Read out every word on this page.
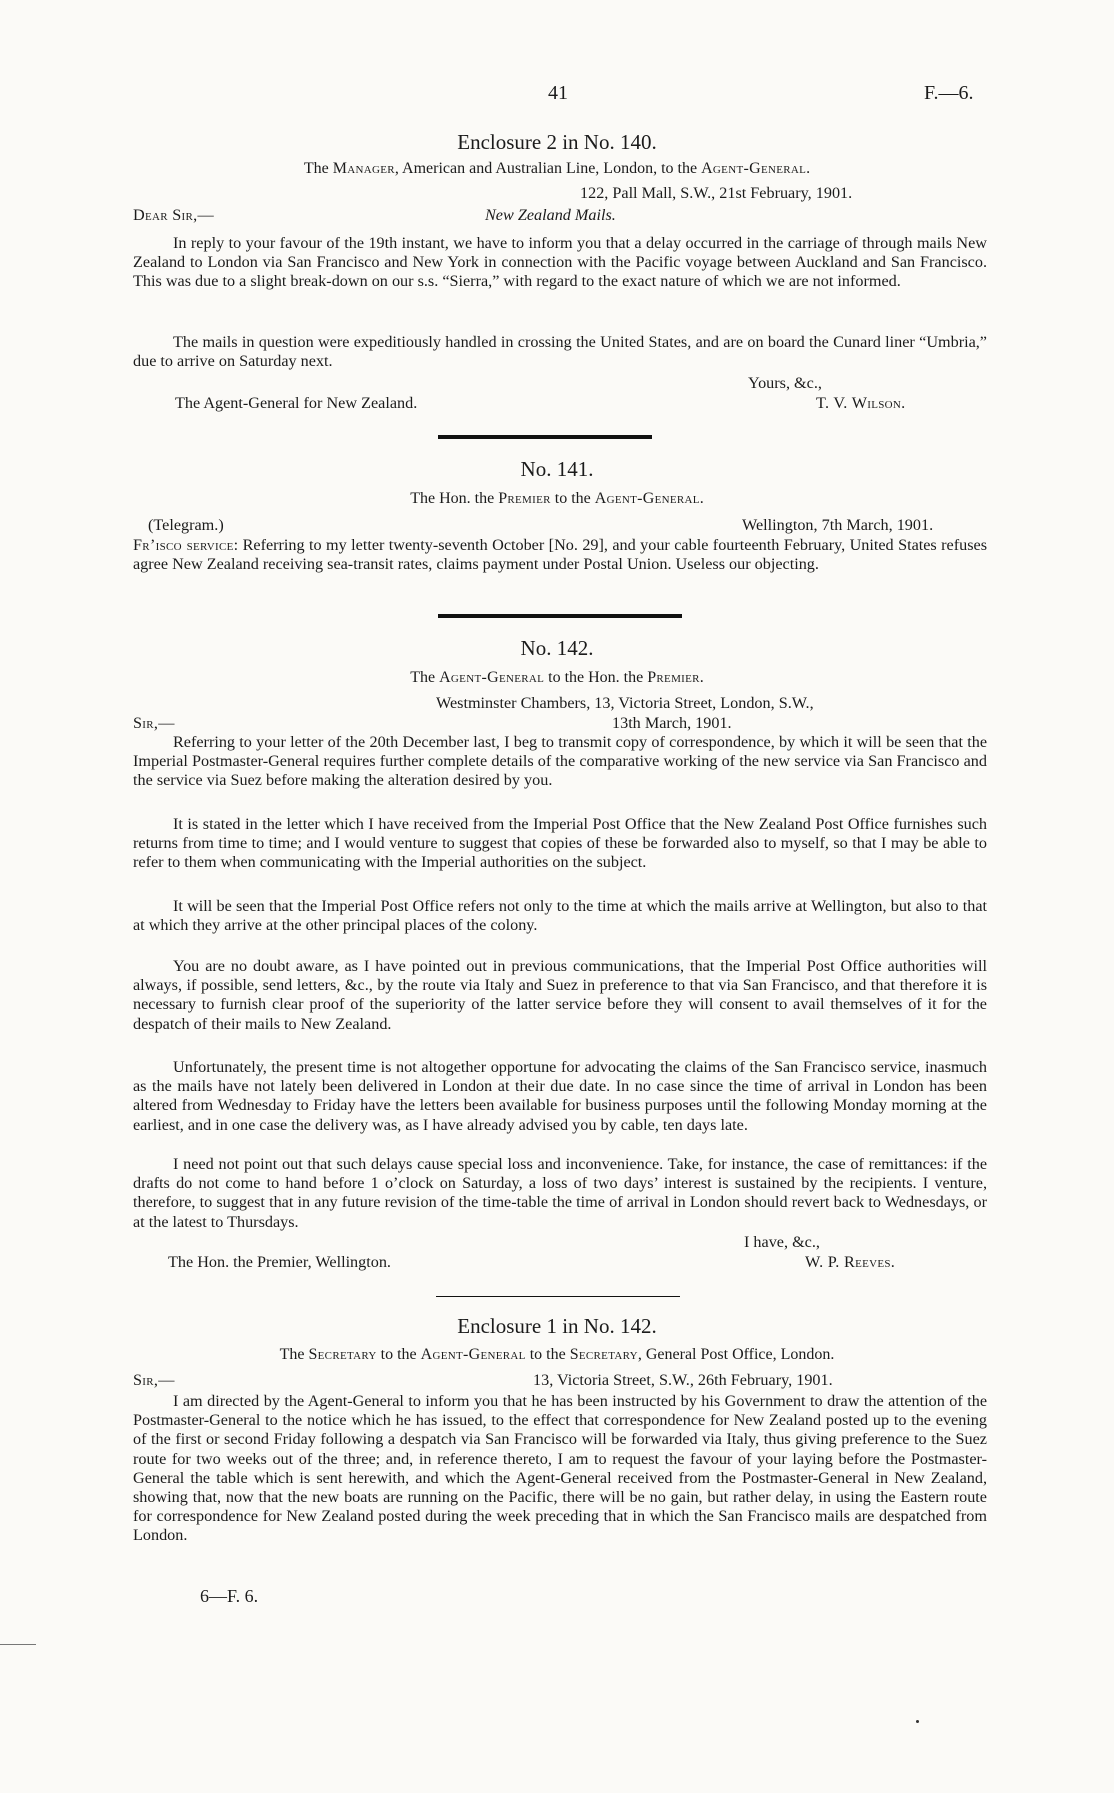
41	F.—6.
Enclosure 2 in No. 140.
The Manager, American and Australian Line, London, to the Agent-General.
122, Pall Mall, S.W., 21st February, 1901.
Dear Sir,—	New Zealand Mails.
In reply to your favour of the 19th instant, we have to inform you that a delay occurred in the carriage of through mails New Zealand to London via San Francisco and New York in connection with the Pacific voyage between Auckland and San Francisco. This was due to a slight break-down on our s.s. “Sierra,” with regard to the exact nature of which we are not informed.
The mails in question were expeditiously handled in crossing the United States, and are on board the Cunard liner “Umbria,” due to arrive on Saturday next.
Yours, &c.,
The Agent-General for New Zealand.	T. V. Wilson.
No. 141.
The Hon. the Premier to the Agent-General.
(Telegram.)	Wellington, 7th March, 1901.
Fr’isco service: Referring to my letter twenty-seventh October [No. 29], and your cable fourteenth February, United States refuses agree New Zealand receiving sea-transit rates, claims payment under Postal Union. Useless our objecting.
No. 142.
The Agent-General to the Hon. the Premier.
Westminster Chambers, 13, Victoria Street, London, S.W.,
Sir,—	13th March, 1901.
Referring to your letter of the 20th December last, I beg to transmit copy of correspondence, by which it will be seen that the Imperial Postmaster-General requires further complete details of the comparative working of the new service via San Francisco and the service via Suez before making the alteration desired by you.
It is stated in the letter which I have received from the Imperial Post Office that the New Zealand Post Office furnishes such returns from time to time; and I would venture to suggest that copies of these be forwarded also to myself, so that I may be able to refer to them when communicating with the Imperial authorities on the subject.
It will be seen that the Imperial Post Office refers not only to the time at which the mails arrive at Wellington, but also to that at which they arrive at the other principal places of the colony.
You are no doubt aware, as I have pointed out in previous communications, that the Imperial Post Office authorities will always, if possible, send letters, &c., by the route via Italy and Suez in preference to that via San Francisco, and that therefore it is necessary to furnish clear proof of the superiority of the latter service before they will consent to avail themselves of it for the despatch of their mails to New Zealand.
Unfortunately, the present time is not altogether opportune for advocating the claims of the San Francisco service, inasmuch as the mails have not lately been delivered in London at their due date. In no case since the time of arrival in London has been altered from Wednesday to Friday have the letters been available for business purposes until the following Monday morning at the earliest, and in one case the delivery was, as I have already advised you by cable, ten days late.
I need not point out that such delays cause special loss and inconvenience. Take, for instance, the case of remittances: if the drafts do not come to hand before 1 o’clock on Saturday, a loss of two days’ interest is sustained by the recipients. I venture, therefore, to suggest that in any future revision of the time-table the time of arrival in London should revert back to Wednesdays, or at the latest to Thursdays.
I have, &c.,
The Hon. the Premier, Wellington.	W. P. Reeves.
Enclosure 1 in No. 142.
The Secretary to the Agent-General to the Secretary, General Post Office, London.
Sir,—	13, Victoria Street, S.W., 26th February, 1901.
I am directed by the Agent-General to inform you that he has been instructed by his Government to draw the attention of the Postmaster-General to the notice which he has issued, to the effect that correspondence for New Zealand posted up to the evening of the first or second Friday following a despatch via San Francisco will be forwarded via Italy, thus giving preference to the Suez route for two weeks out of the three; and, in reference thereto, I am to request the favour of your laying before the Postmaster-General the table which is sent herewith, and which the Agent-General received from the Postmaster-General in New Zealand, showing that, now that the new boats are running on the Pacific, there will be no gain, but rather delay, in using the Eastern route for correspondence for New Zealand posted during the week preceding that in which the San Francisco mails are despatched from London.
6—F. 6.
